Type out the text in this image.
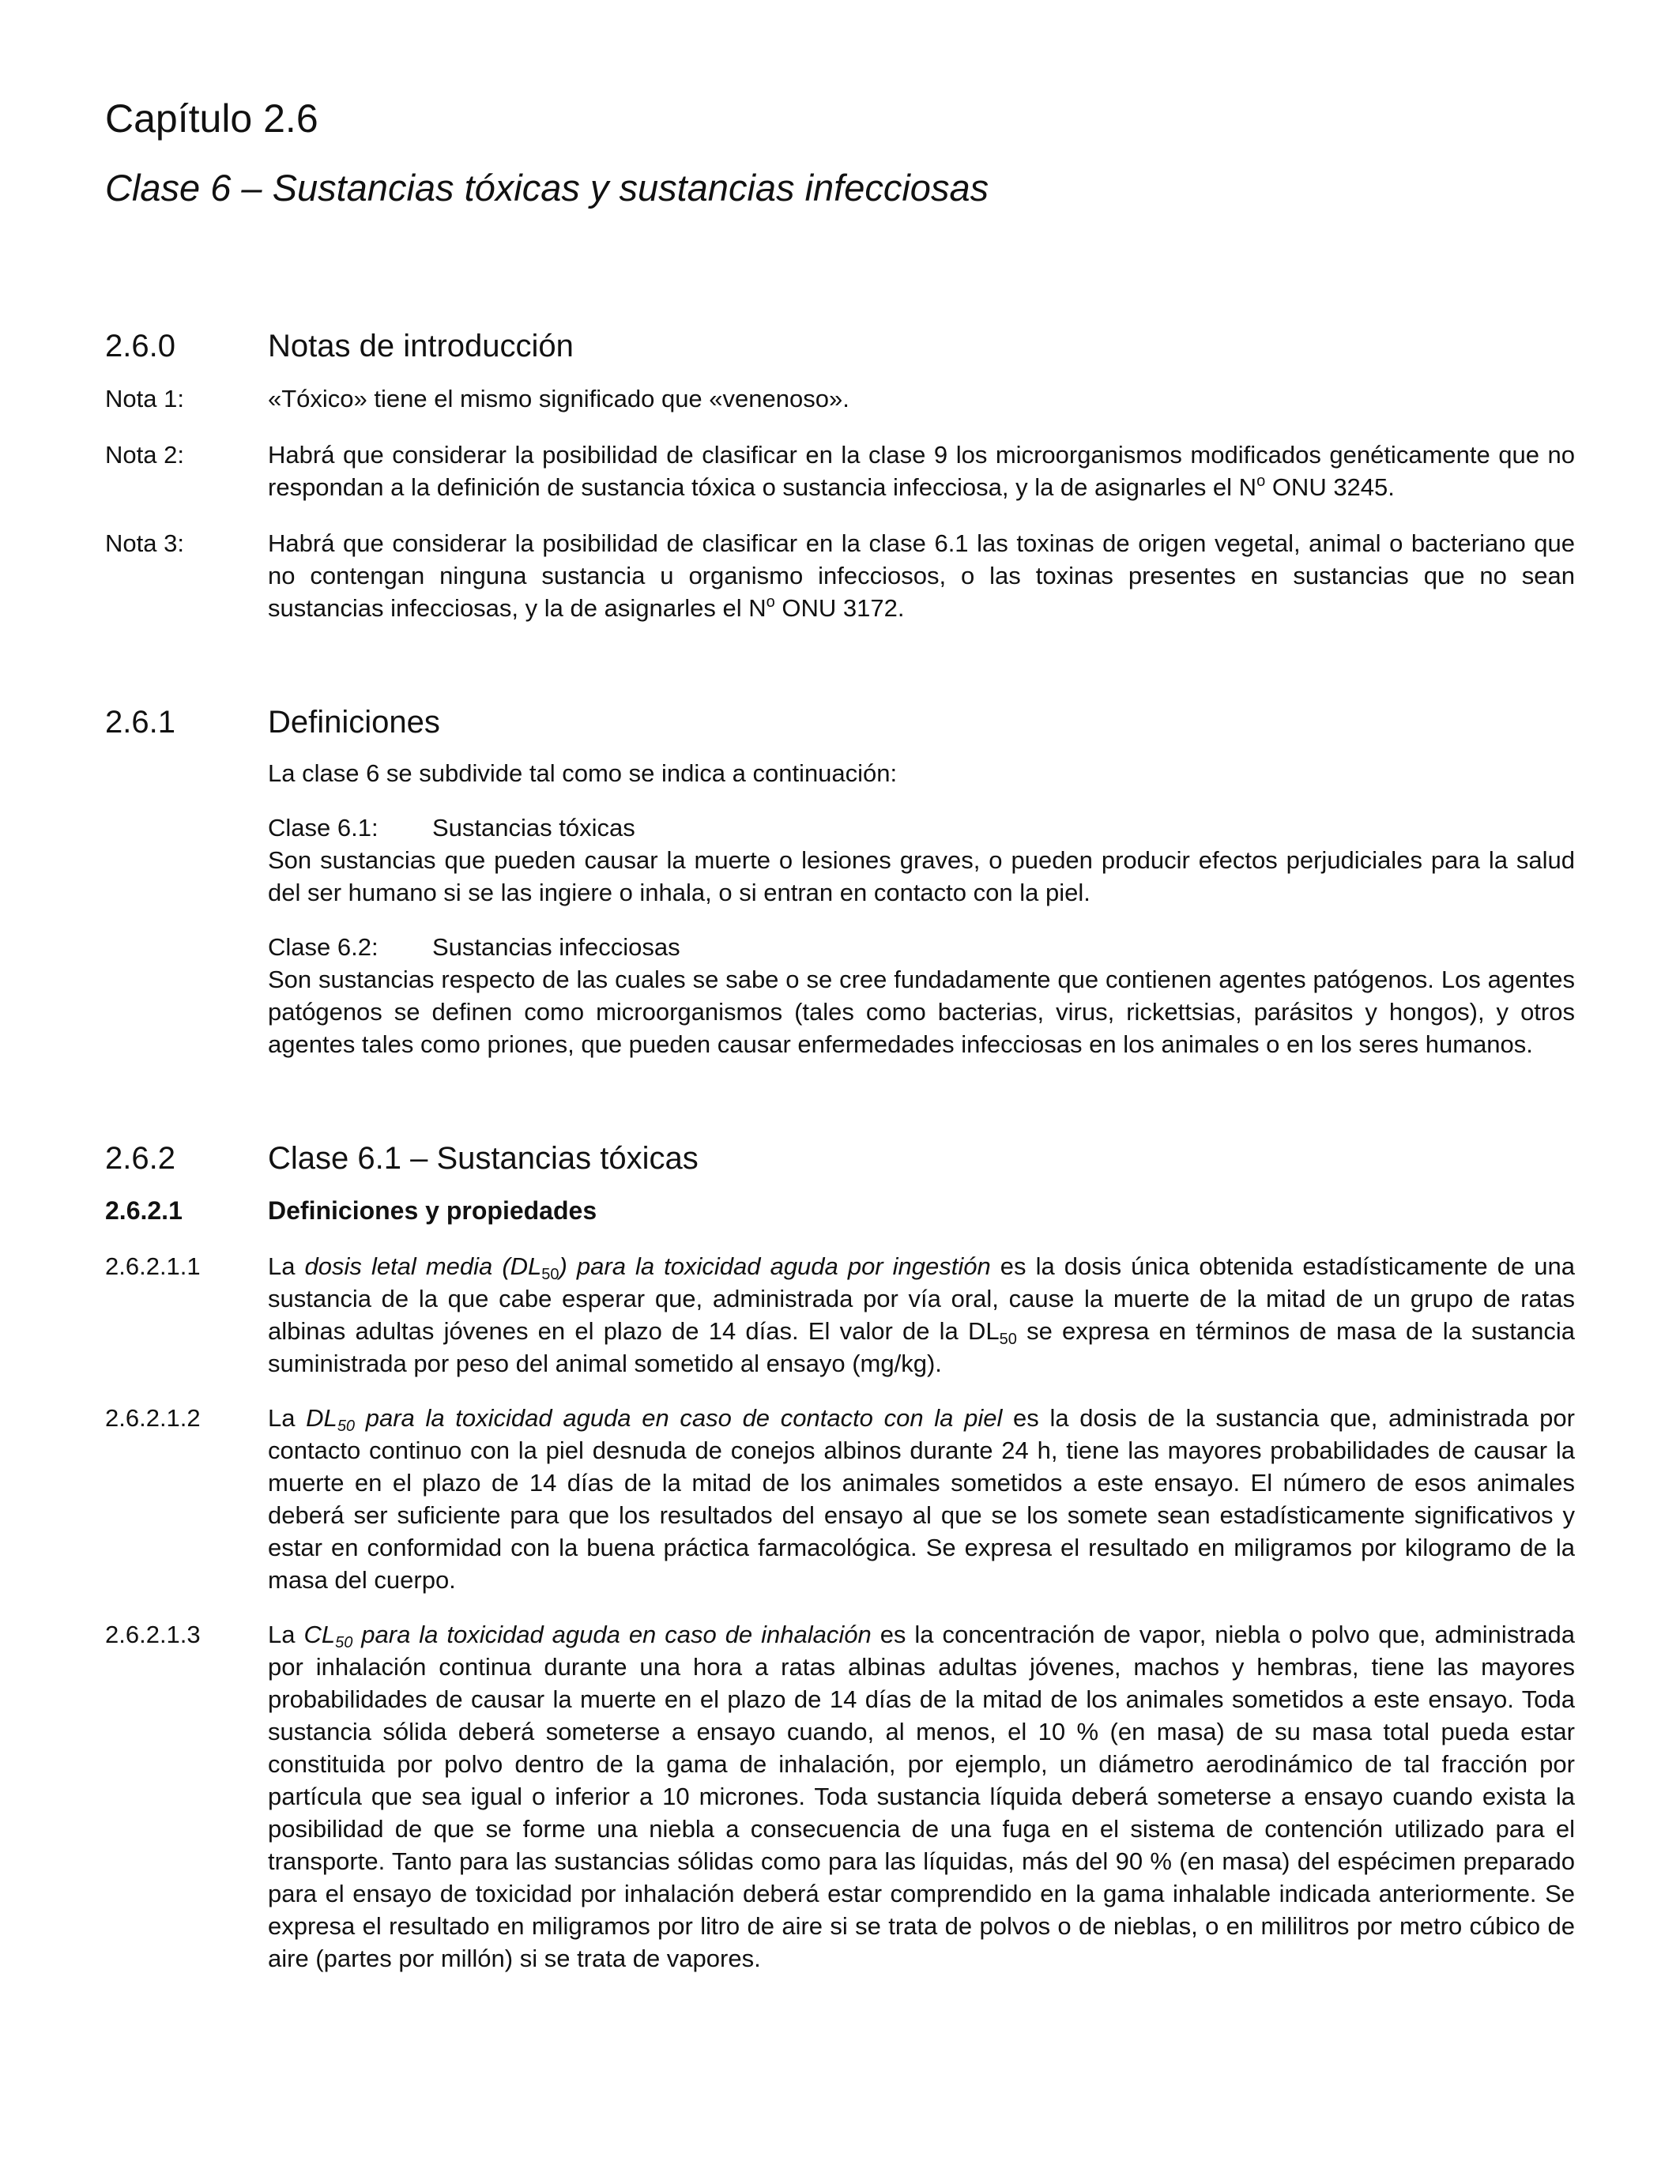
Capítulo 2.6
Clase 6 – Sustancias tóxicas y sustancias infecciosas
2.6.0	Notas de introducción
Nota 1:	«Tóxico» tiene el mismo significado que «venenoso».

Nota 2:	Habrá que considerar la posibilidad de clasificar en la clase 9 los microorganismos modificados genéticamente que no respondan a la definición de sustancia tóxica o sustancia infecciosa, y la de asignarles el $N^o$ ONU 3245.

Nota 3:	Habrá que considerar la posibilidad de clasificar en la clase 6.1 las toxinas de origen vegetal, animal o bacteriano que no contengan ninguna sustancia u organismo infecciosos, o las toxinas presentes en sustancias que no sean sustancias infecciosas, y la de asignarles el $N^o$ ONU 3172.

2.6.1	Definiciones

La clase 6 se subdivide tal como se indica a continuación:

Clase 6.1:	Sustancias tóxicas

Son sustancias que pueden causar la muerte o lesiones graves, o pueden producir efectos perjudiciales para la salud del ser humano si se las ingiere o inhala, o si entran en contacto con la piel.

Clase 6.2:	Sustancias infecciosas

Son sustancias respecto de las cuales se sabe o se cree fundadamente que contienen agentes patógenos. Los agentes patógenos se definen como microorganismos (tales como bacterias, virus, rickettsias, parásitos y hongos), y otros agentes tales como priones, que pueden causar enfermedades infecciosas en los animales o en los seres humanos.

2.6.2	Clase 6.1 – Sustancias tóxicas
2.6.2.1	Definiciones y propiedades
2.6.2.1.1	La dosis letal media $(DL_{50})$ para la toxicidad aguda por ingestión es la dosis única obtenida estadísticamente de una sustancia de la que cabe esperar que, administrada por vía oral, cause la muerte de la mitad de un grupo de ratas albinas adultas jóvenes en el plazo de 14 días. El valor de la $DL_{50}$ se expresa en términos de masa de la sustancia suministrada por peso del animal sometido al ensayo (mg/kg).

2.6.2.1.2	La $DL_{50}$ para la toxicidad aguda en caso de contacto con la piel es la dosis de la sustancia que, administrada por contacto continuo con la piel desnuda de conejos albinos durante 24 h, tiene las mayores probabilidades de causar la muerte en el plazo de 14 días de la mitad de los animales sometidos a este ensayo. El número de esos animales deberá ser suficiente para que los resultados del ensayo al que se los somete sean estadísticamente significativos y estar en conformidad con la buena práctica farmacológica. Se expresa el resultado en miligramos por kilogramo de la masa del cuerpo.

2.6.2.1.3	La $CL_{50}$ para la toxicidad aguda en caso de inhalación es la concentración de vapor, niebla o polvo que, administrada por inhalación continua durante una hora a ratas albinas adultas jóvenes, machos y hembras, tiene las mayores probabilidades de causar la muerte en el plazo de 14 días de la mitad de los animales sometidos a este ensayo. Toda sustancia sólida deberá someterse a ensayo cuando, al menos, el 10 % (en masa) de su masa total pueda estar constituida por polvo dentro de la gama de inhalación, por ejemplo, un diámetro aerodinámico de tal fracción por partícula que sea igual o inferior a 10 micrones. Toda sustancia líquida deberá someterse a ensayo cuando exista la posibilidad de que se forme una niebla a consecuencia de una fuga en el sistema de contención utilizado para el transporte. Tanto para las sustancias sólidas como para las líquidas, más del 90 % (en masa) del espécimen preparado para el ensayo de toxicidad por inhalación deberá estar comprendido en la gama inhalable indicada anteriormente. Se expresa el resultado en miligramos por litro de aire si se trata de polvos o de nieblas, o en mililitros por metro cúbico de aire (partes por millón) si se trata de vapores.
